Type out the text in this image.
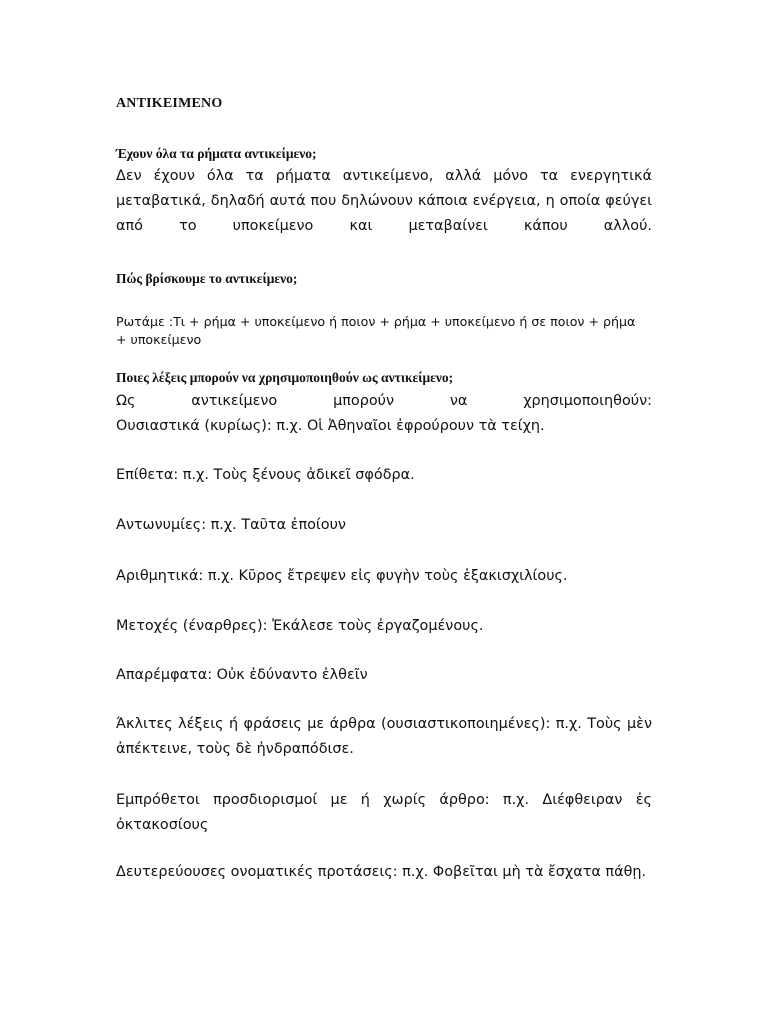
ΑΝΤΙΚΕΙΜΕΝΟ
Έχουν όλα τα ρήματα αντικείμενο;

Δεν έχουν όλα τα ρήματα αντικείμενο, αλλά μόνο τα ενεργητικά
μεταβατικά, δηλαδή αυτά που δηλώνουν κάποια ενέργεια, η οποία φεύγει
από το υποκείμενο και μεταβαίνει κάπου αλλού.

Πώς βρίσκουμε το αντικείμενο;

Ρωτάμε :Τι + ρήμα + υποκείμενο ή ποιον + ρήμα + υποκείμενο ή σε ποιον + ρήμα
+ υποκείμενο

Ποιες λέξεις μπορούν να χρησιμοποιηθούν ως αντικείμενο;

Ως αντικείμενο μπορούν να χρησιμοποιηθούν:
Ουσιαστικά (κυρίως): π.χ. Οἱ Ἀθηναῖοι ἐφρούρουν τὰ τείχη.

Επίθετα: π.χ. Τοὺς ξένους ἀδικεῖ σφόδρα.

Αντωνυμίες: π.χ. Ταῦτα ἐποίουν

Αριθμητικά: π.χ. Κῦρος ἔτρεψεν εἰς φυγὴν τοὺς ἑξακισχιλίους.

Μετοχές (έναρθρες): Ἐκάλεσε τοὺς ἐργαζομένους.

Απαρέμφατα: Οὐκ ἐδύναντο ἐλθεῖν

Άκλιτες λέξεις ή φράσεις με άρθρα (ουσιαστικοποιημένες): π.χ. Τοὺς μὲν
ἀπέκτεινε, τοὺς δὲ ἠνδραπόδισε.

Εμπρόθετοι προσδιορισμοί με ή χωρίς άρθρο: π.χ. Διέφθειραν ἐς
ὀκτακοσίους

Δευτερεύουσες ονοματικές προτάσεις: π.χ. Φοβεῖται μὴ τὰ ἔσχατα πάθῃ.
